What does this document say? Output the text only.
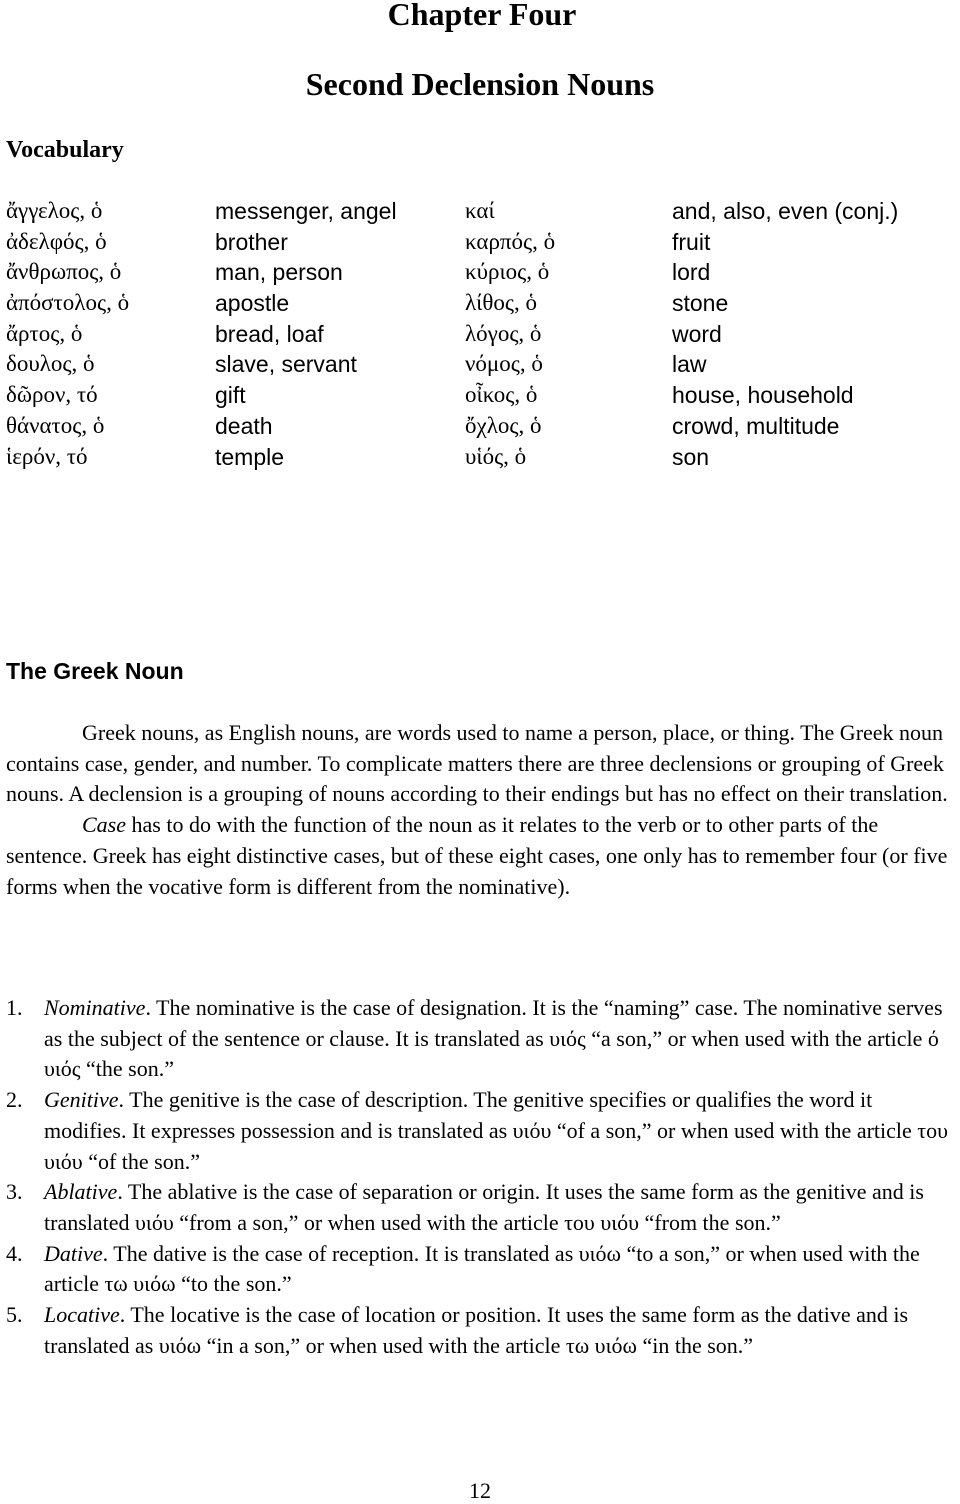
Chapter Four
Second Declension Nouns
Vocabulary
ἄγγελος, ὁ	messenger, angel	καί	and, also, even (conj.)
ἀδελφός, ὁ	brother	καρπός, ὁ	fruit
ἄνθρωπος, ὁ	man, person	κύριος, ὁ	lord
ἀπόστολος, ὁ	apostle	λίθος, ὁ	stone
ἄρτος, ὁ	bread, loaf	λόγος, ὁ	word
δουλος, ὁ	slave, servant	νόμος, ὁ	law
δῶρον, τό	gift	οἶκος, ὁ	house, household
θάνατος, ὁ	death	ὄχλος, ὁ	crowd, multitude
ἱερόν, τό	temple	υἱός, ὁ	son
The Greek Noun

Greek nouns, as English nouns, are words used to name a person, place, or thing. The Greek noun contains case, gender, and number. To complicate matters there are three declensions or grouping of Greek nouns. A declension is a grouping of nouns according to their endings but has no effect on their translation.

Case has to do with the function of the noun as it relates to the verb or to other parts of the sentence. Greek has eight distinctive cases, but of these eight cases, one only has to remember four (or five forms when the vocative form is different from the nominative).

1. Nominative. The nominative is the case of designation. It is the “naming” case. The nominative serves as the subject of the sentence or clause. It is translated as υιός “a son,” or when used with the article ό υιός “the son.”
2. Genitive. The genitive is the case of description. The genitive specifies or qualifies the word it modifies. It expresses possession and is translated as υιόυ “of a son,” or when used with the article του υιόυ “of the son.”
3. Ablative. The ablative is the case of separation or origin. It uses the same form as the genitive and is translated υιόυ “from a son,” or when used with the article του υιόυ “from the son.”
4. Dative. The dative is the case of reception. It is translated as υιόω “to a son,” or when used with the article τω υιόω “to the son.”
5. Locative. The locative is the case of location or position. It uses the same form as the dative and is translated as υιόω “in a son,” or when used with the article τω υιόω “in the son.”
12
